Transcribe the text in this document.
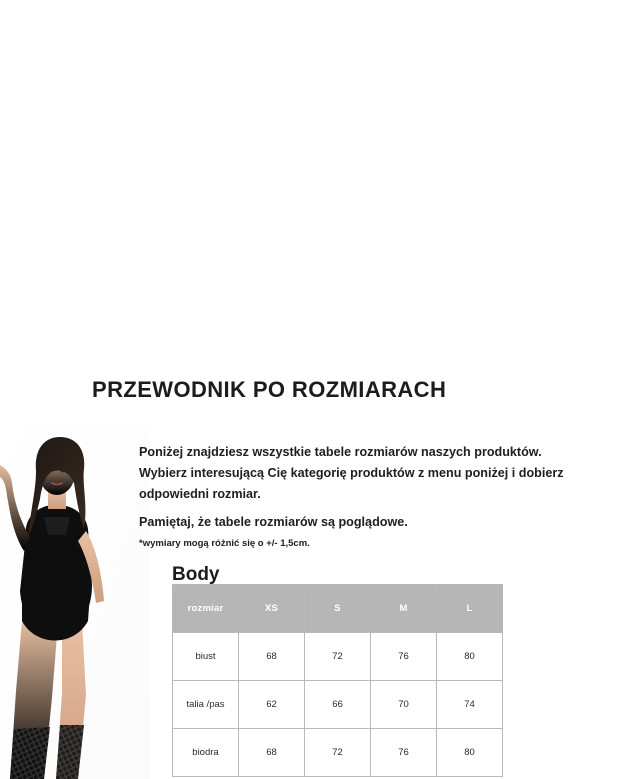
PRZEWODNIK PO ROZMIARACH

Poniżej znajdziesz wszystkie tabele rozmiarów naszych produktów.

Wybierz interesującą Cię kategorię produktów z menu poniżej i dobierz

odpowiedni rozmiar.

Pamiętaj, że tabele rozmiarów są poglądowe.

*wymiary mogą różnić się o +/- 1,5cm.

Body
rozmiar	XS	S	M	L
biust	68	72	76	80
talia /pas	62	66	70	74
biodra	68	72	76	80
